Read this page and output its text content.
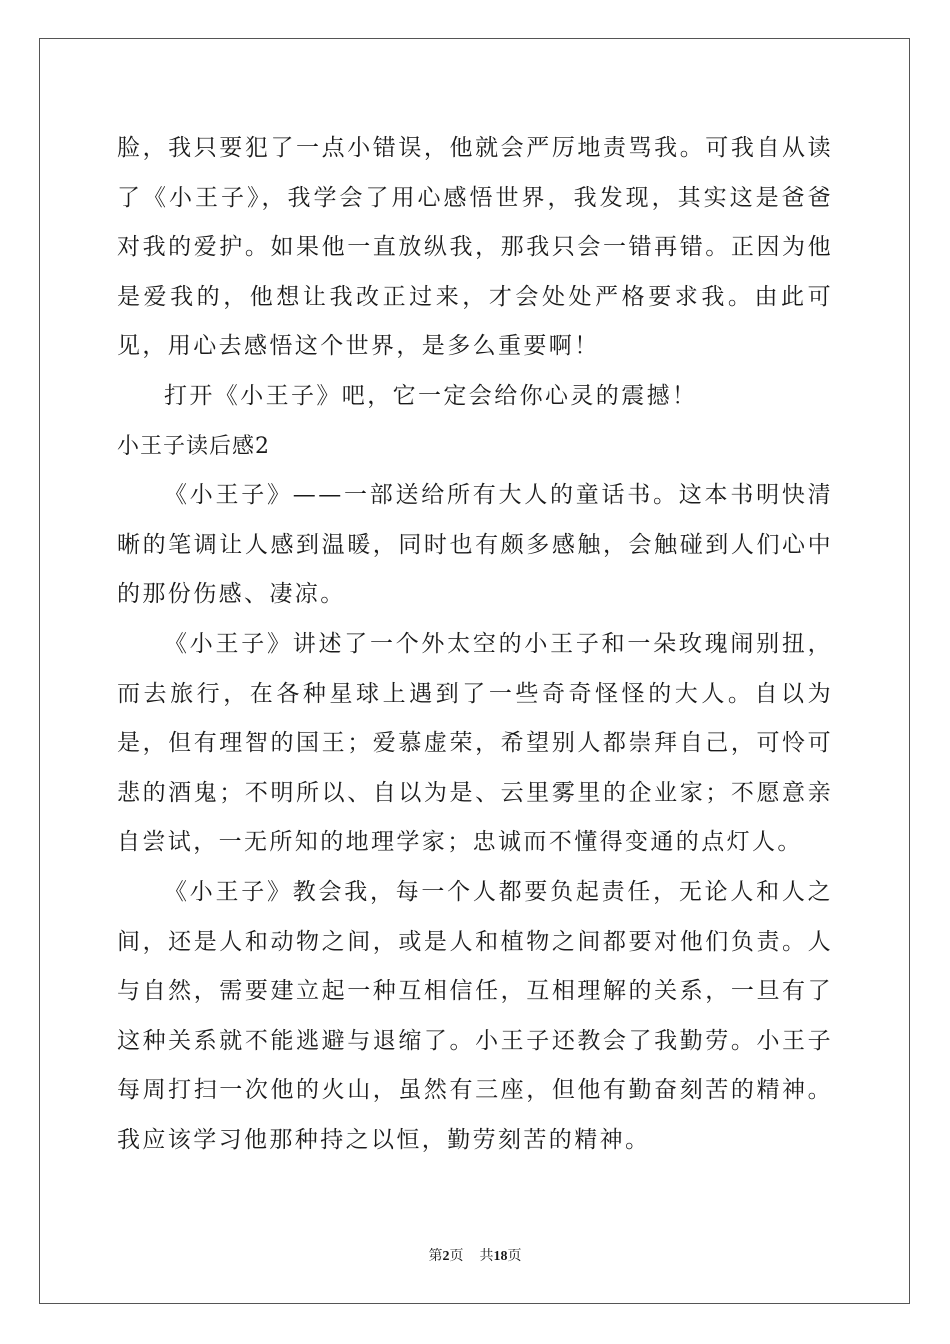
脸，我只要犯了一点小错误，他就会严厉地责骂我。可我自从读了《小王子》，我学会了用心感悟世界，我发现，其实这是爸爸对我的爱护。如果他一直放纵我，那我只会一错再错。正因为他是爱我的，他想让我改正过来，才会处处严格要求我。由此可见，用心去感悟这个世界，是多么重要啊！

打开《小王子》吧，它一定会给你心灵的震撼！

小王子读后感2

《小王子》——一部送给所有大人的童话书。这本书明快清晰的笔调让人感到温暖，同时也有颇多感触，会触碰到人们心中的那份伤感、凄凉。

《小王子》讲述了一个外太空的小王子和一朵玫瑰闹别扭，而去旅行，在各种星球上遇到了一些奇奇怪怪的大人。自以为是，但有理智的国王；爱慕虚荣，希望别人都崇拜自己，可怜可悲的酒鬼；不明所以、自以为是、云里雾里的企业家；不愿意亲自尝试，一无所知的地理学家；忠诚而不懂得变通的点灯人。

《小王子》教会我，每一个人都要负起责任，无论人和人之间，还是人和动物之间，或是人和植物之间都要对他们负责。人与自然，需要建立起一种互相信任，互相理解的关系，一旦有了这种关系就不能逃避与退缩了。小王子还教会了我勤劳。小王子每周打扫一次他的火山，虽然有三座，但他有勤奋刻苦的精神。我应该学习他那种持之以恒，勤劳刻苦的精神。

第2页 共18页
